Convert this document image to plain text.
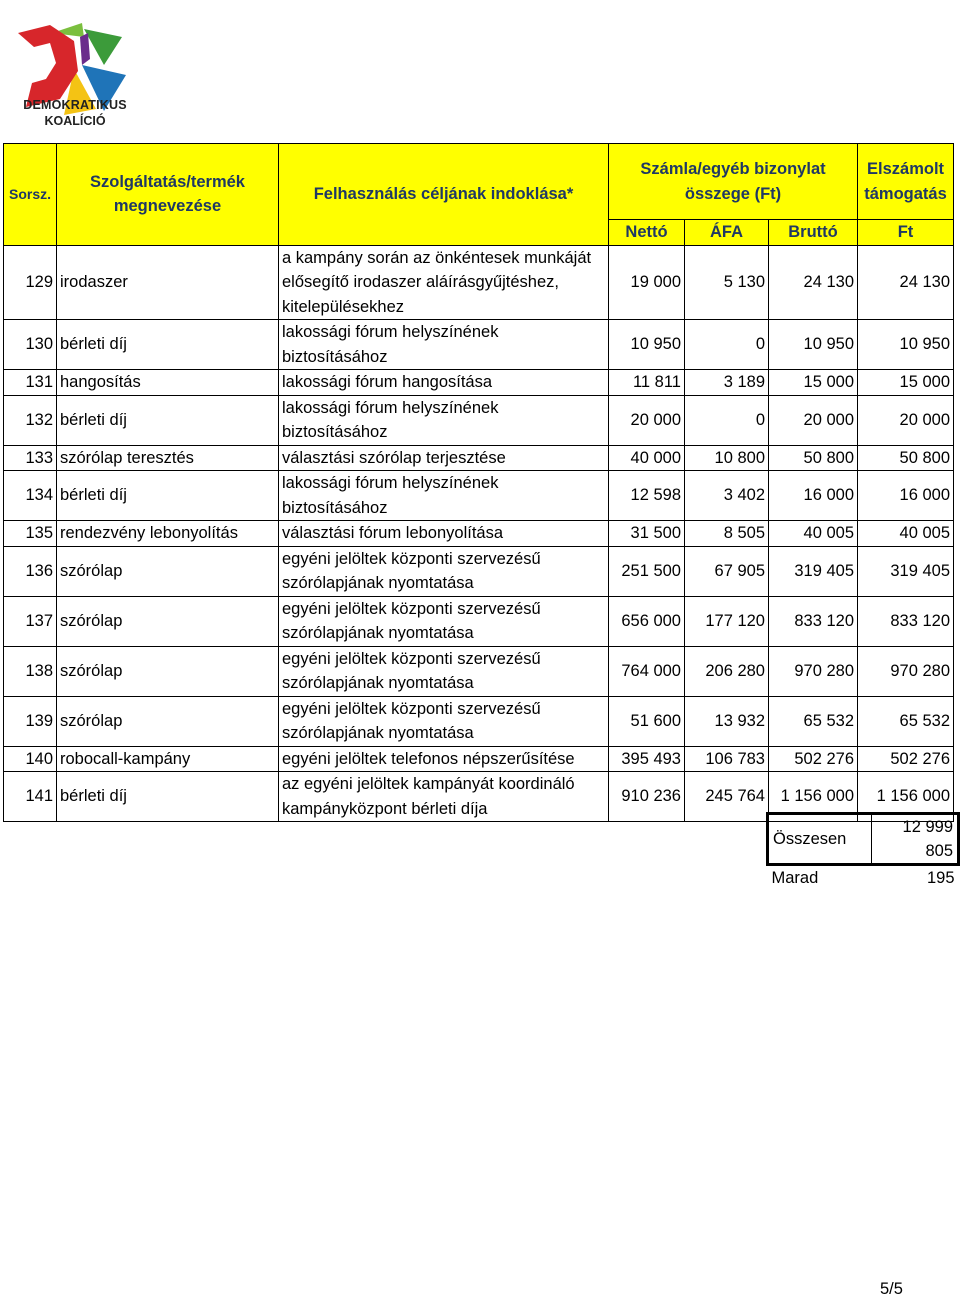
DEMOKRATIKUS
KOALÍCIÓ
Sorsz.	Szolgáltatás/termék megnevezése	Felhasználás céljának indoklása*	Számla/egyéb bizonylat összege (Ft)			Elszámolt támogatás
			Nettó	ÁFA	Bruttó	Ft
129	irodaszer	a kampány során az önkéntesek munkáját elősegítő irodaszer aláírásgyűjtéshez, kitelepülésekhez	19 000	5 130	24 130	24 130
130	bérleti díj	lakossági fórum helyszínének biztosításához	10 950	0	10 950	10 950
131	hangosítás	lakossági fórum hangosítása	11 811	3 189	15 000	15 000
132	bérleti díj	lakossági fórum helyszínének biztosításához	20 000	0	20 000	20 000
133	szórólap teresztés	választási szórólap terjesztése	40 000	10 800	50 800	50 800
134	bérleti díj	lakossági fórum helyszínének biztosításához	12 598	3 402	16 000	16 000
135	rendezvény lebonyolítás	választási fórum lebonyolítása	31 500	8 505	40 005	40 005
136	szórólap	egyéni jelöltek központi szervezésű szórólapjának nyomtatása	251 500	67 905	319 405	319 405
137	szórólap	egyéni jelöltek központi szervezésű szórólapjának nyomtatása	656 000	177 120	833 120	833 120
138	szórólap	egyéni jelöltek központi szervezésű szórólapjának nyomtatása	764 000	206 280	970 280	970 280
139	szórólap	egyéni jelöltek központi szervezésű szórólapjának nyomtatása	51 600	13 932	65 532	65 532
140	robocall-kampány	egyéni jelöltek telefonos népszerűsítése	395 493	106 783	502 276	502 276
141	bérleti díj	az egyéni jelöltek kampányát koordináló kampányközpont bérleti díja	910 236	245 764	1 156 000	1 156 000
Összesen	12 999 805
Marad	195
5/5
